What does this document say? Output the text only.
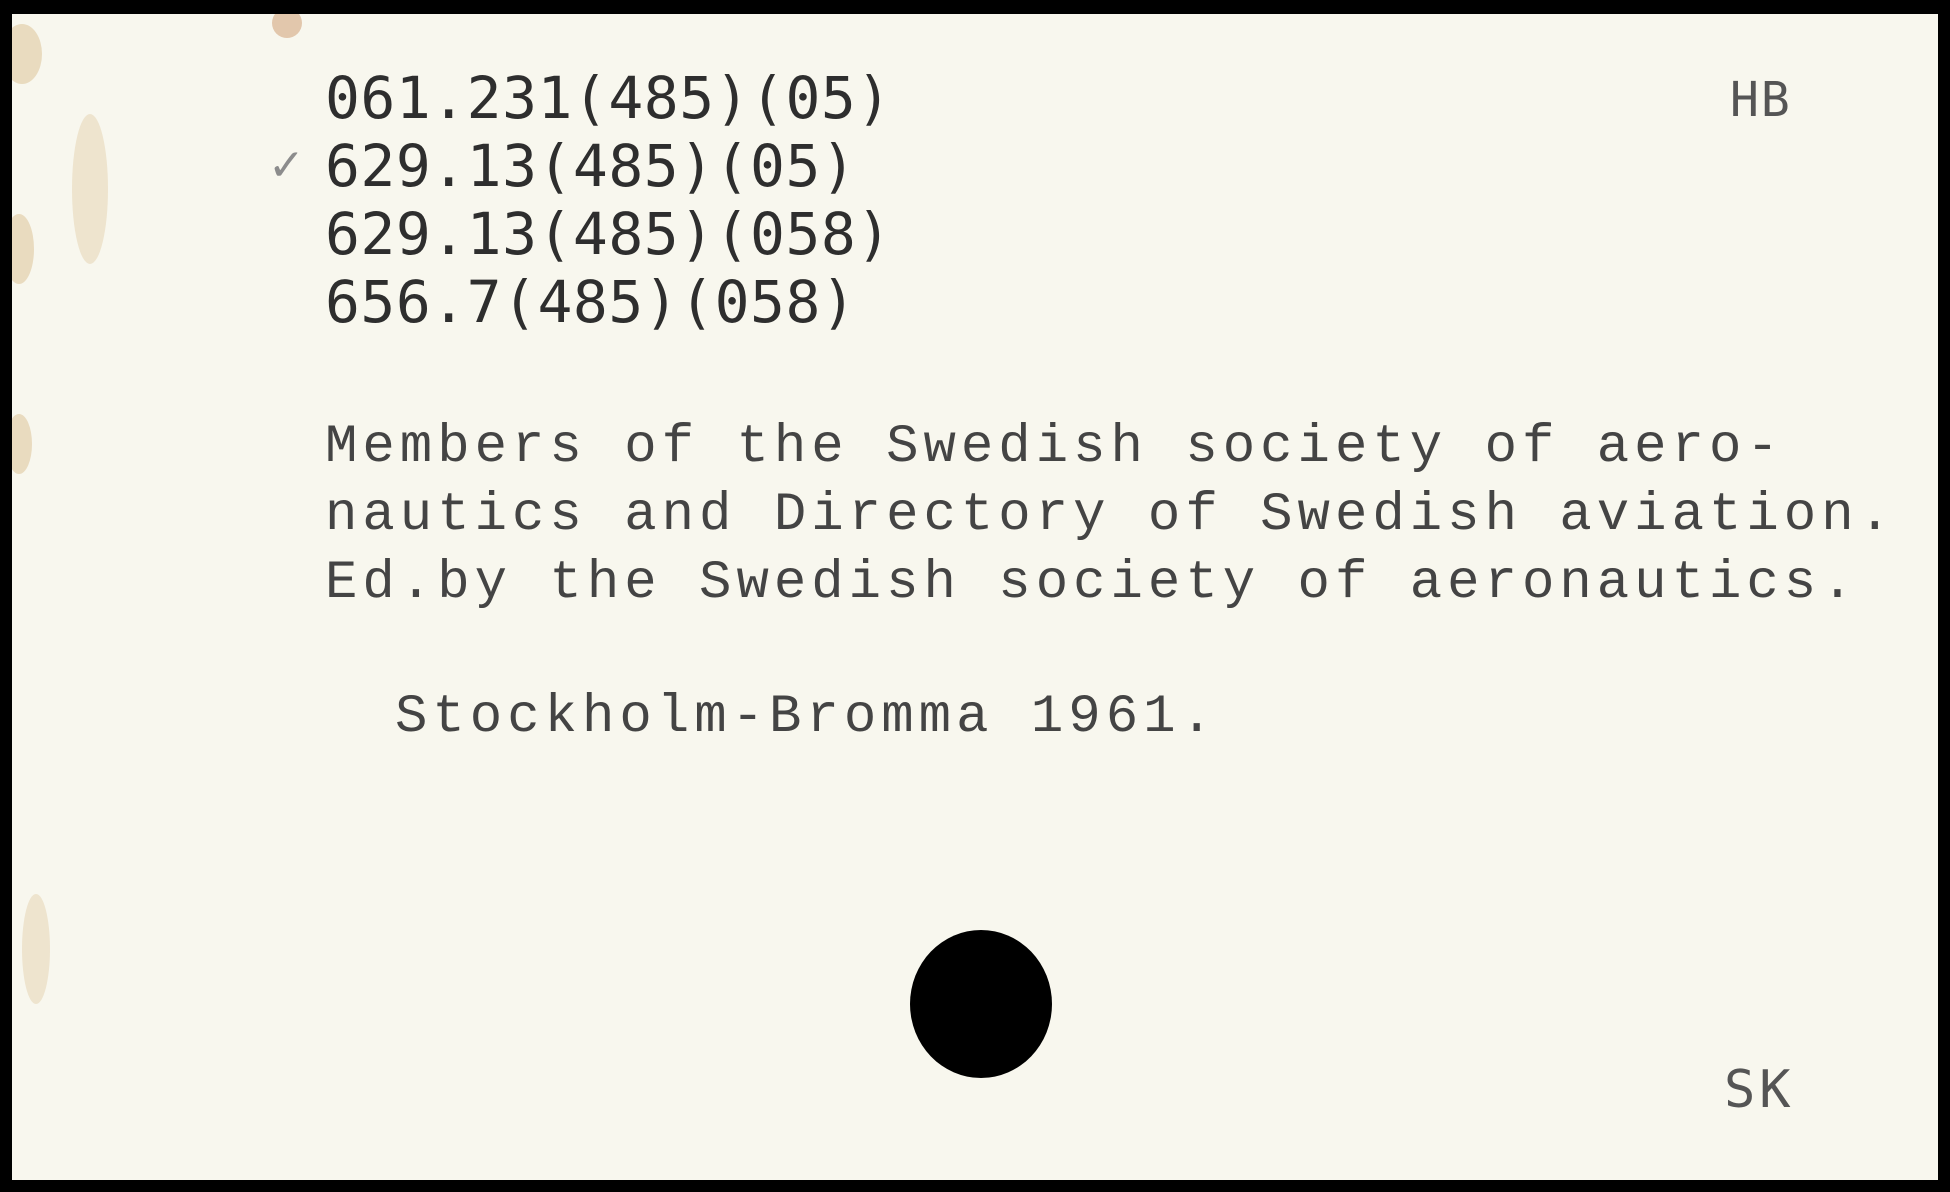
061.231(485)(05)
629.13(485)(05)
629.13(485)(058)
656.7(485)(058)
✓
HB
Members of the Swedish society of aero-
nautics and Directory of Swedish aviation.
Ed.by the Swedish society of aeronautics.
Stockholm-Bromma 1961.
SK
